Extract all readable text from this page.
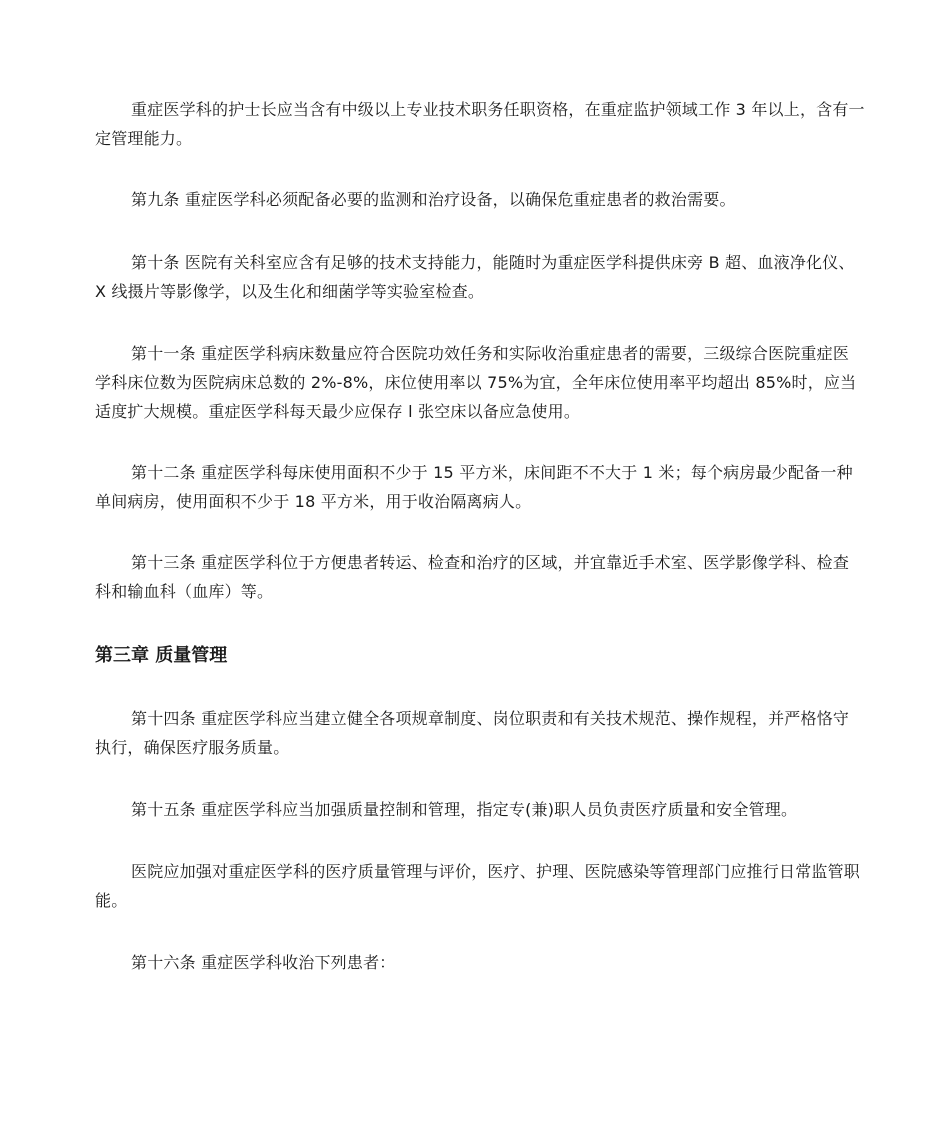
重症医学科的护士长应当含有中级以上专业技术职务任职资格，在重症监护领域工作 3 年以上，含有一定管理能力。

第九条 重症医学科必须配备必要的监测和治疗设备，以确保危重症患者的救治需要。

第十条 医院有关科室应含有足够的技术支持能力，能随时为重症医学科提供床旁 B 超、血液净化仪、X 线摄片等影像学，以及生化和细菌学等实验室检查。

第十一条 重症医学科病床数量应符合医院功效任务和实际收治重症患者的需要，三级综合医院重症医学科床位数为医院病床总数的 2%-8%，床位使用率以 75%为宜，全年床位使用率平均超出 85%时，应当适度扩大规模。重症医学科每天最少应保存 l 张空床以备应急使用。

第十二条 重症医学科每床使用面积不少于 15 平方米，床间距不不大于 1 米；每个病房最少配备一种单间病房，使用面积不少于 18 平方米，用于收治隔离病人。

第十三条 重症医学科位于方便患者转运、检查和治疗的区域，并宜靠近手术室、医学影像学科、检查科和输血科（血库）等。

第三章 质量管理

第十四条 重症医学科应当建立健全各项规章制度、岗位职责和有关技术规范、操作规程，并严格恪守执行，确保医疗服务质量。

第十五条 重症医学科应当加强质量控制和管理，指定专(兼)职人员负责医疗质量和安全管理。

医院应加强对重症医学科的医疗质量管理与评价，医疗、护理、医院感染等管理部门应推行日常监管职能。

第十六条 重症医学科收治下列患者：
